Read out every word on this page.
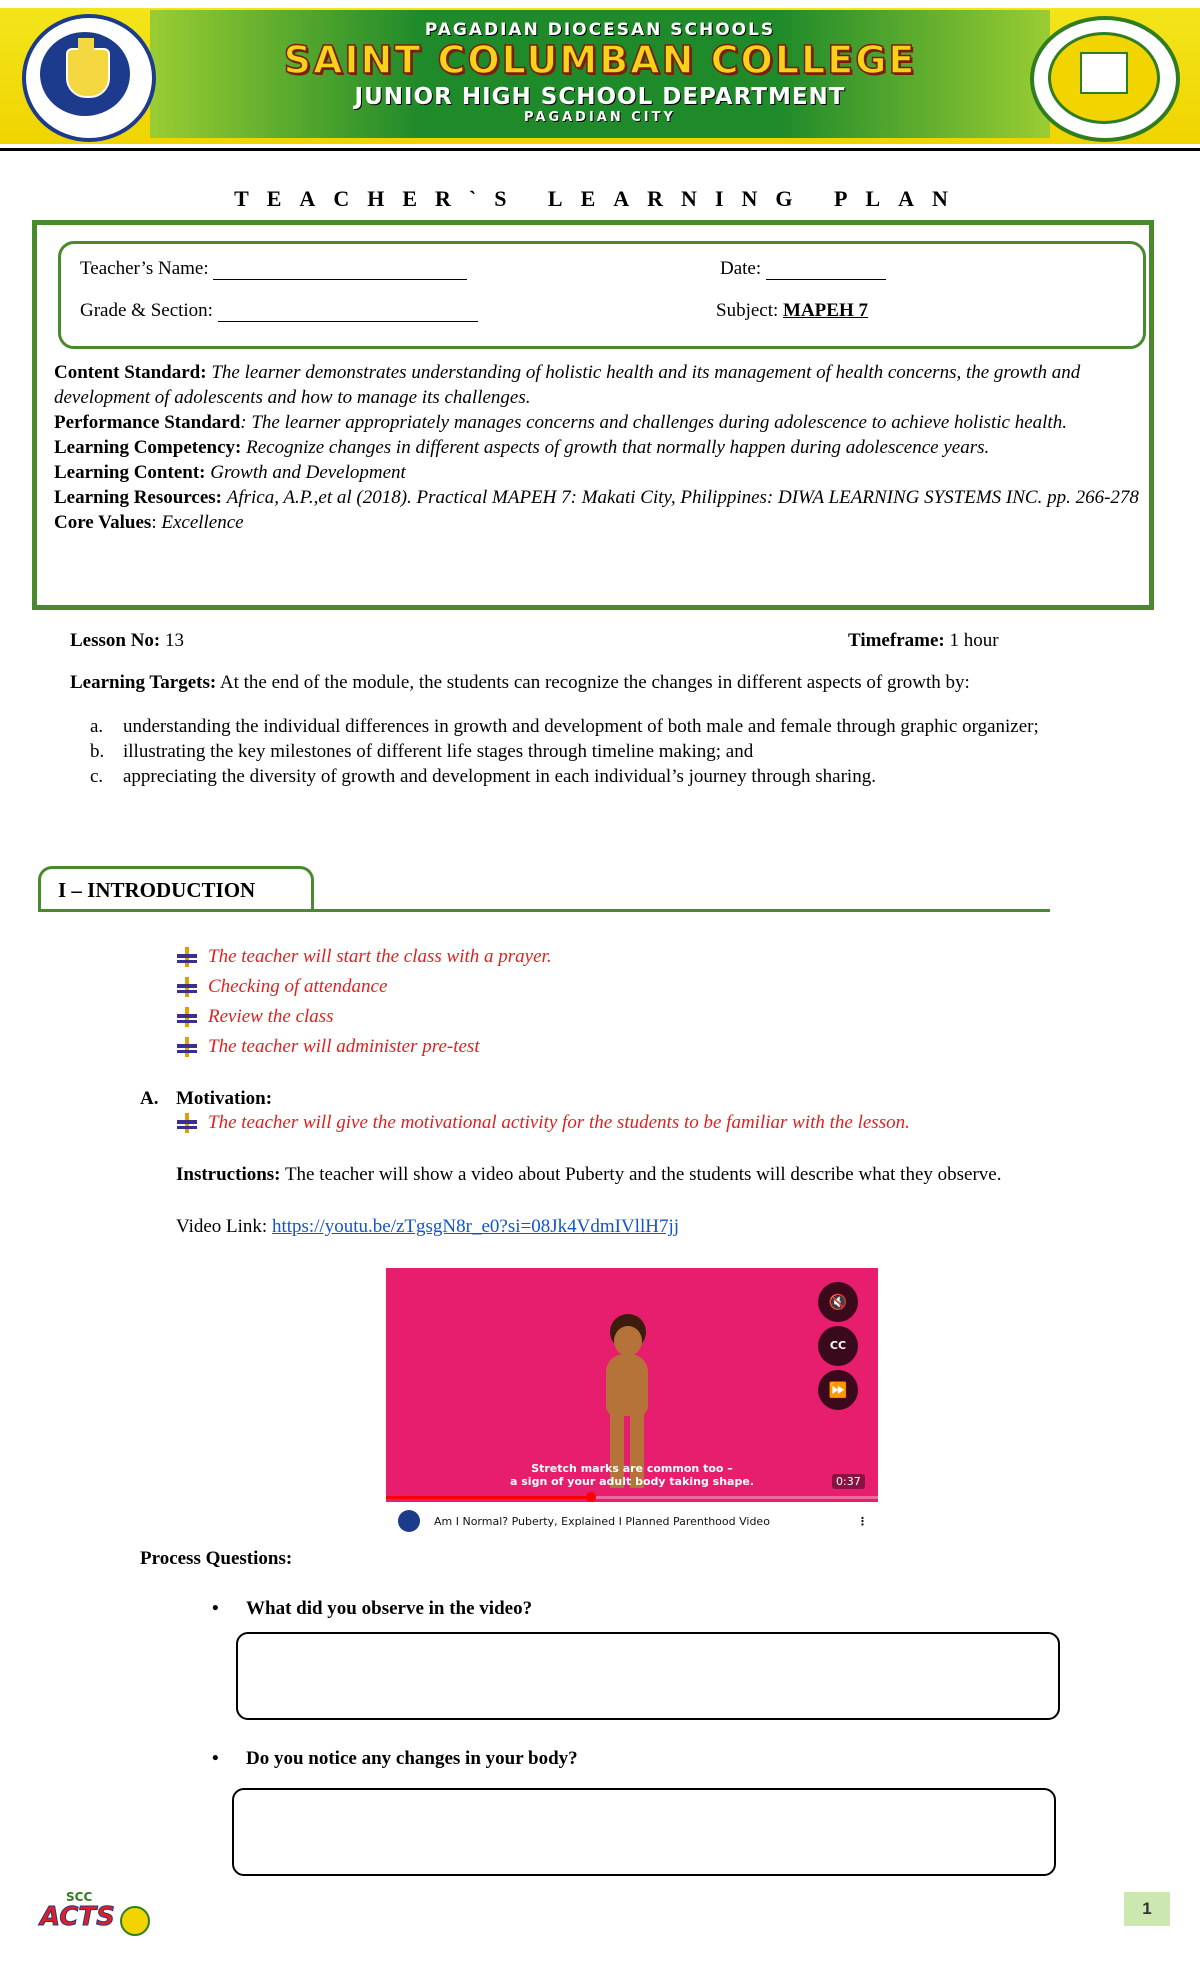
PAGADIAN DIOCESAN SCHOOLS
SAINT COLUMBAN COLLEGE
JUNIOR HIGH SCHOOL DEPARTMENT
PAGADIAN CITY
TEACHER`S LEARNING PLAN
Teacher’s Name:	Date:
Grade & Section:	Subject: MAPEH 7
Content Standard: The learner demonstrates understanding of holistic health and its management of health concerns, the growth and development of adolescents and how to manage its challenges.
Performance Standard: The learner appropriately manages concerns and challenges during adolescence to achieve holistic health.
Learning Competency: Recognize changes in different aspects of growth that normally happen during adolescence years.
Learning Content: Growth and Development
Learning Resources: Africa, A.P.,et al (2018). Practical MAPEH 7: Makati City, Philippines: DIWA LEARNING SYSTEMS INC. pp. 266-278
Core Values: Excellence
Lesson No: 13	Timeframe: 1 hour
Learning Targets: At the end of the module, the students can recognize the changes in different aspects of growth by:
a.	understanding the individual differences in growth and development of both male and female through graphic organizer;
b. illustrating the key milestones of different life stages through timeline making; and
c.	appreciating the diversity of growth and development in each individual’s journey through sharing.
I – INTRODUCTION
The teacher will start the class with a prayer.
Checking of attendance
Review the class
The teacher will administer pre-test
A. Motivation:
The teacher will give the motivational activity for the students to be familiar with the lesson.
Instructions: The teacher will show a video about Puberty and the students will describe what they observe.
Video Link: https://youtu.be/zTgsgN8r_e0?si=08Jk4VdmIVllH7jj
🔇
CC
⏩
Stretch marks are common too –
a sign of your adult body taking shape.	0:37
Am I Normal? Puberty, Explained I Planned Parenthood Video	⋮
Process Questions:
• What did you observe in the video?
• Do you notice any changes in your body?
SCC
ACTS	1
